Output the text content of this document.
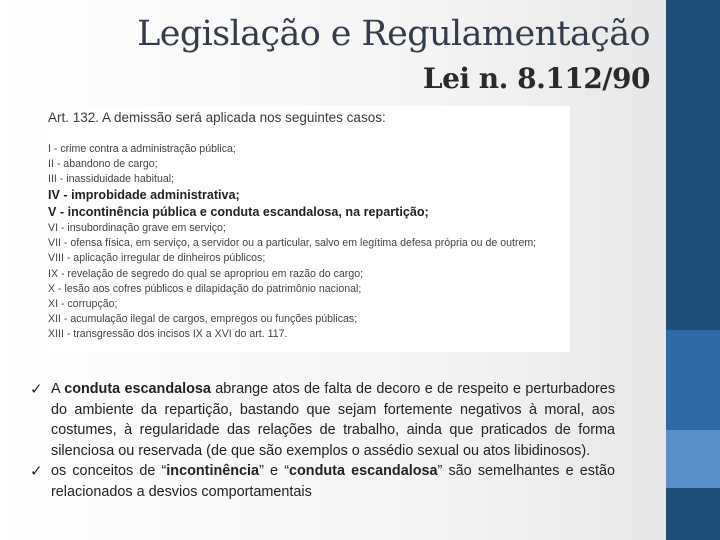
Legislação e Regulamentação
Lei n. 8.112/90

Art. 132. A demissão será aplicada nos seguintes casos:

I - crime contra a administração pública;
II - abandono de cargo;
III - inassiduidade habitual;
IV - improbidade administrativa;
V - incontinência pública e conduta escandalosa, na repartição;
VI - insubordinação grave em serviço;
VII - ofensa física, em serviço, a servidor ou a particular, salvo em legítima defesa própria ou de outrem;
VIII - aplicação irregular de dinheiros públicos;
IX - revelação de segredo do qual se apropriou em razão do cargo;
X - lesão aos cofres públicos e dilapidação do patrimônio nacional;
XI - corrupção;
XII - acumulação ilegal de cargos, empregos ou funções públicas;
XIII - transgressão dos incisos IX a XVI do art. 117.
✓ A conduta escandalosa abrange atos de falta de decoro e de respeito e perturbadores do ambiente da repartição, bastando que sejam fortemente negativos à moral, aos costumes, à regularidade das relações de trabalho, ainda que praticados de forma silenciosa ou reservada (de que são exemplos o assédio sexual ou atos libidinosos).
✓ os conceitos de “incontinência” e “conduta escandalosa” são semelhantes e estão relacionados a desvios comportamentais
